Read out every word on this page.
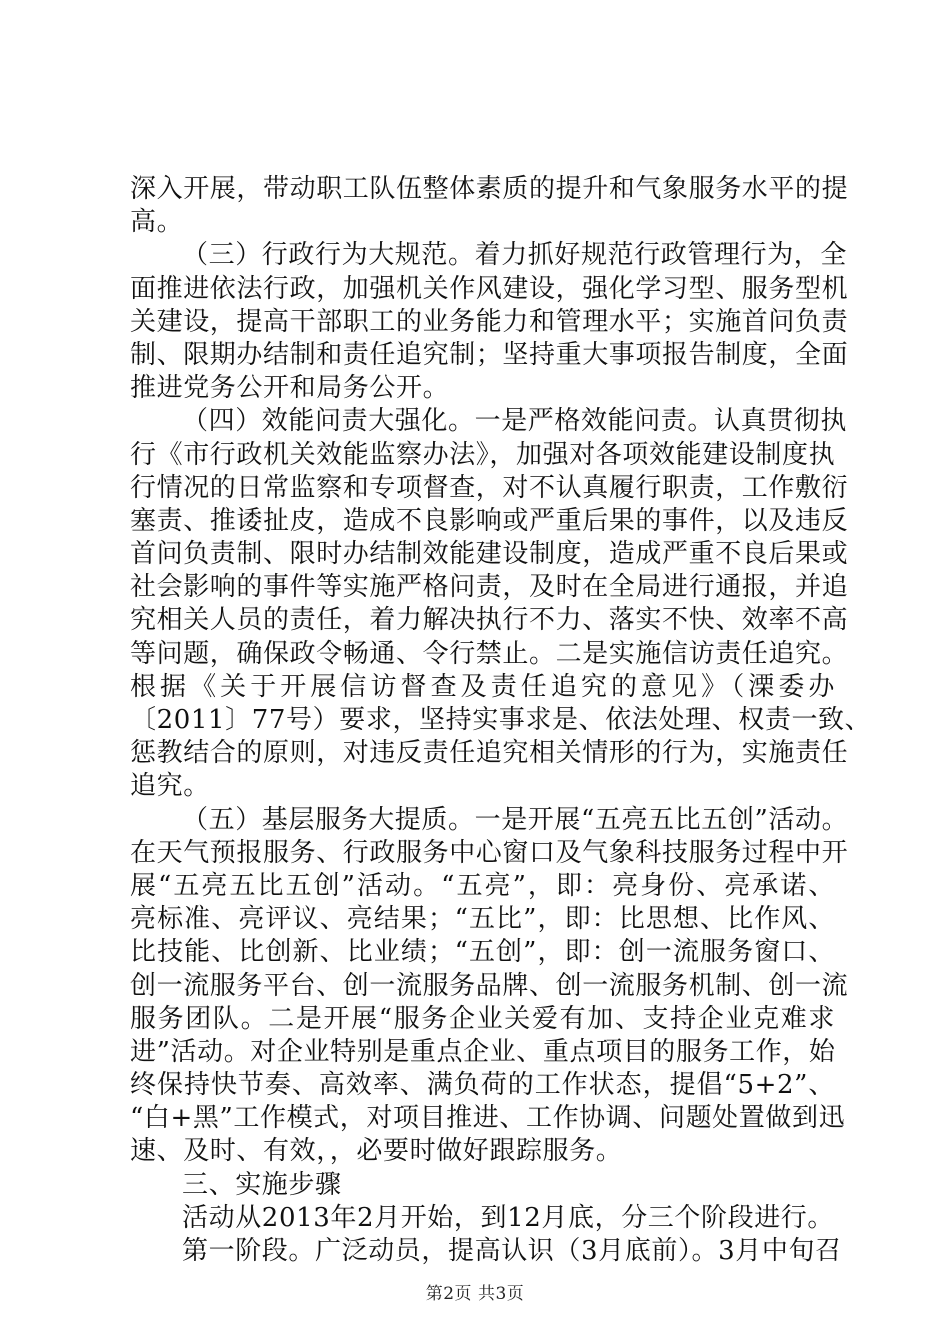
深入开展，带动职工队伍整体素质的提升和气象服务水平的提
高。
（三）行政行为大规范。着力抓好规范行政管理行为，全
面推进依法行政，加强机关作风建设，强化学习型、服务型机
关建设，提高干部职工的业务能力和管理水平；实施首问负责
制、限期办结制和责任追究制；坚持重大事项报告制度，全面
推进党务公开和局务公开。
（四）效能问责大强化。一是严格效能问责。认真贯彻执
行《市行政机关效能监察办法》，加强对各项效能建设制度执
行情况的日常监察和专项督查，对不认真履行职责，工作敷衍
塞责、推诿扯皮，造成不良影响或严重后果的事件，以及违反
首问负责制、限时办结制效能建设制度，造成严重不良后果或
社会影响的事件等实施严格问责，及时在全局进行通报，并追
究相关人员的责任，着力解决执行不力、落实不快、效率不高
等问题，确保政令畅通、令行禁止。二是实施信访责任追究。
根据《关于开展信访督查及责任追究的意见》（溧委办
〔2011〕77号）要求，坚持实事求是、依法处理、权责一致、
惩教结合的原则，对违反责任追究相关情形的行为，实施责任
追究。
（五）基层服务大提质。一是开展“五亮五比五创”活动。
在天气预报服务、行政服务中心窗口及气象科技服务过程中开
展“五亮五比五创”活动。“五亮”，即：亮身份、亮承诺、
亮标准、亮评议、亮结果；“五比”，即：比思想、比作风、
比技能、比创新、比业绩；“五创”，即：创一流服务窗口、
创一流服务平台、创一流服务品牌、创一流服务机制、创一流
服务团队。二是开展“服务企业关爱有加、支持企业克难求
进”活动。对企业特别是重点企业、重点项目的服务工作，始
终保持快节奏、高效率、满负荷的工作状态，提倡“5+2”、
“白+黑”工作模式，对项目推进、工作协调、问题处置做到迅
速、及时、有效，，必要时做好跟踪服务。
三、实施步骤
活动从2013年2月开始，到12月底，分三个阶段进行。
第一阶段。广泛动员，提高认识（3月底前）。3月中旬召
第2页 共3页
